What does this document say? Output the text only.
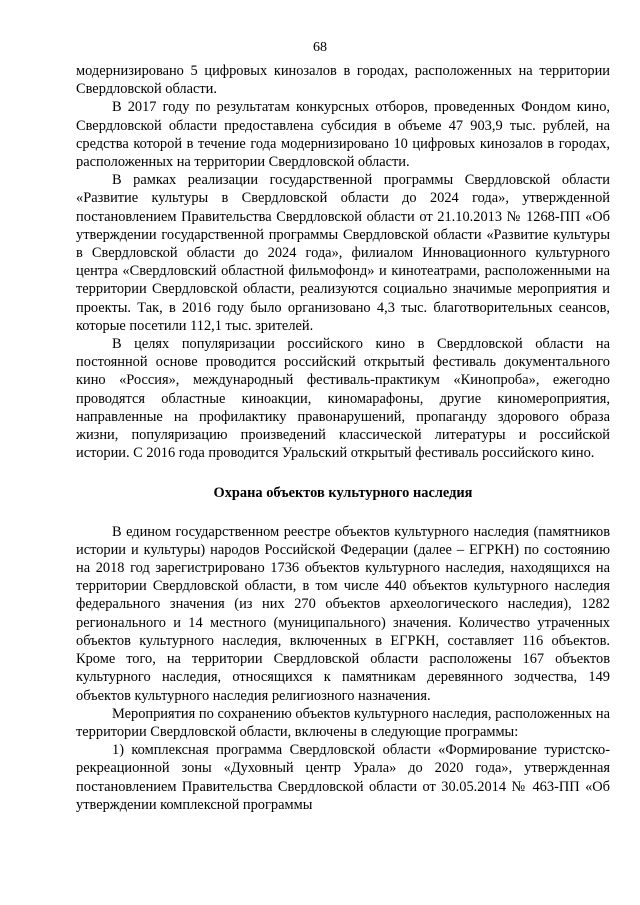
68

модернизировано 5 цифровых кинозалов в городах, расположенных на территории Свердловской области.

В 2017 году по результатам конкурсных отборов, проведенных Фондом кино, Свердловской области предоставлена субсидия в объеме 47 903,9 тыс. рублей, на средства которой в течение года модернизировано 10 цифровых кинозалов в городах, расположенных на территории Свердловской области.

В рамках реализации государственной программы Свердловской области «Развитие культуры в Свердловской области до 2024 года», утвержденной постановлением Правительства Свердловской области от 21.10.2013 № 1268-ПП «Об утверждении государственной программы Свердловской области «Развитие культуры в Свердловской области до 2024 года», филиалом Инновационного культурного центра «Свердловский областной фильмофонд» и кинотеатрами, расположенными на территории Свердловской области, реализуются социально значимые мероприятия и проекты. Так, в 2016 году было организовано 4,3 тыс. благотворительных сеансов, которые посетили 112,1 тыс. зрителей.

В целях популяризации российского кино в Свердловской области на постоянной основе проводится российский открытый фестиваль документального кино «Россия», международный фестиваль-практикум «Кинопроба», ежегодно проводятся областные киноакции, киномарафоны, другие киномероприятия, направленные на профилактику правонарушений, пропаганду здорового образа жизни, популяризацию произведений классической литературы и российской истории. С 2016 года проводится Уральский открытый фестиваль российского кино.

Охрана объектов культурного наследия

В едином государственном реестре объектов культурного наследия (памятников истории и культуры) народов Российской Федерации (далее – ЕГРКН) по состоянию на 2018 год зарегистрировано 1736 объектов культурного наследия, находящихся на территории Свердловской области, в том числе 440 объектов культурного наследия федерального значения (из них 270 объектов археологического наследия), 1282 регионального и 14 местного (муниципального) значения. Количество утраченных объектов культурного наследия, включенных в ЕГРКН, составляет 116 объектов. Кроме того, на территории Свердловской области расположены 167 объектов культурного наследия, относящихся к памятникам деревянного зодчества, 149 объектов культурного наследия религиозного назначения.

Мероприятия по сохранению объектов культурного наследия, расположенных на территории Свердловской области, включены в следующие программы:

1) комплексная программа Свердловской области «Формирование туристско-рекреационной зоны «Духовный центр Урала» до 2020 года», утвержденная постановлением Правительства Свердловской области от 30.05.2014 № 463-ПП «Об утверждении комплексной программы
